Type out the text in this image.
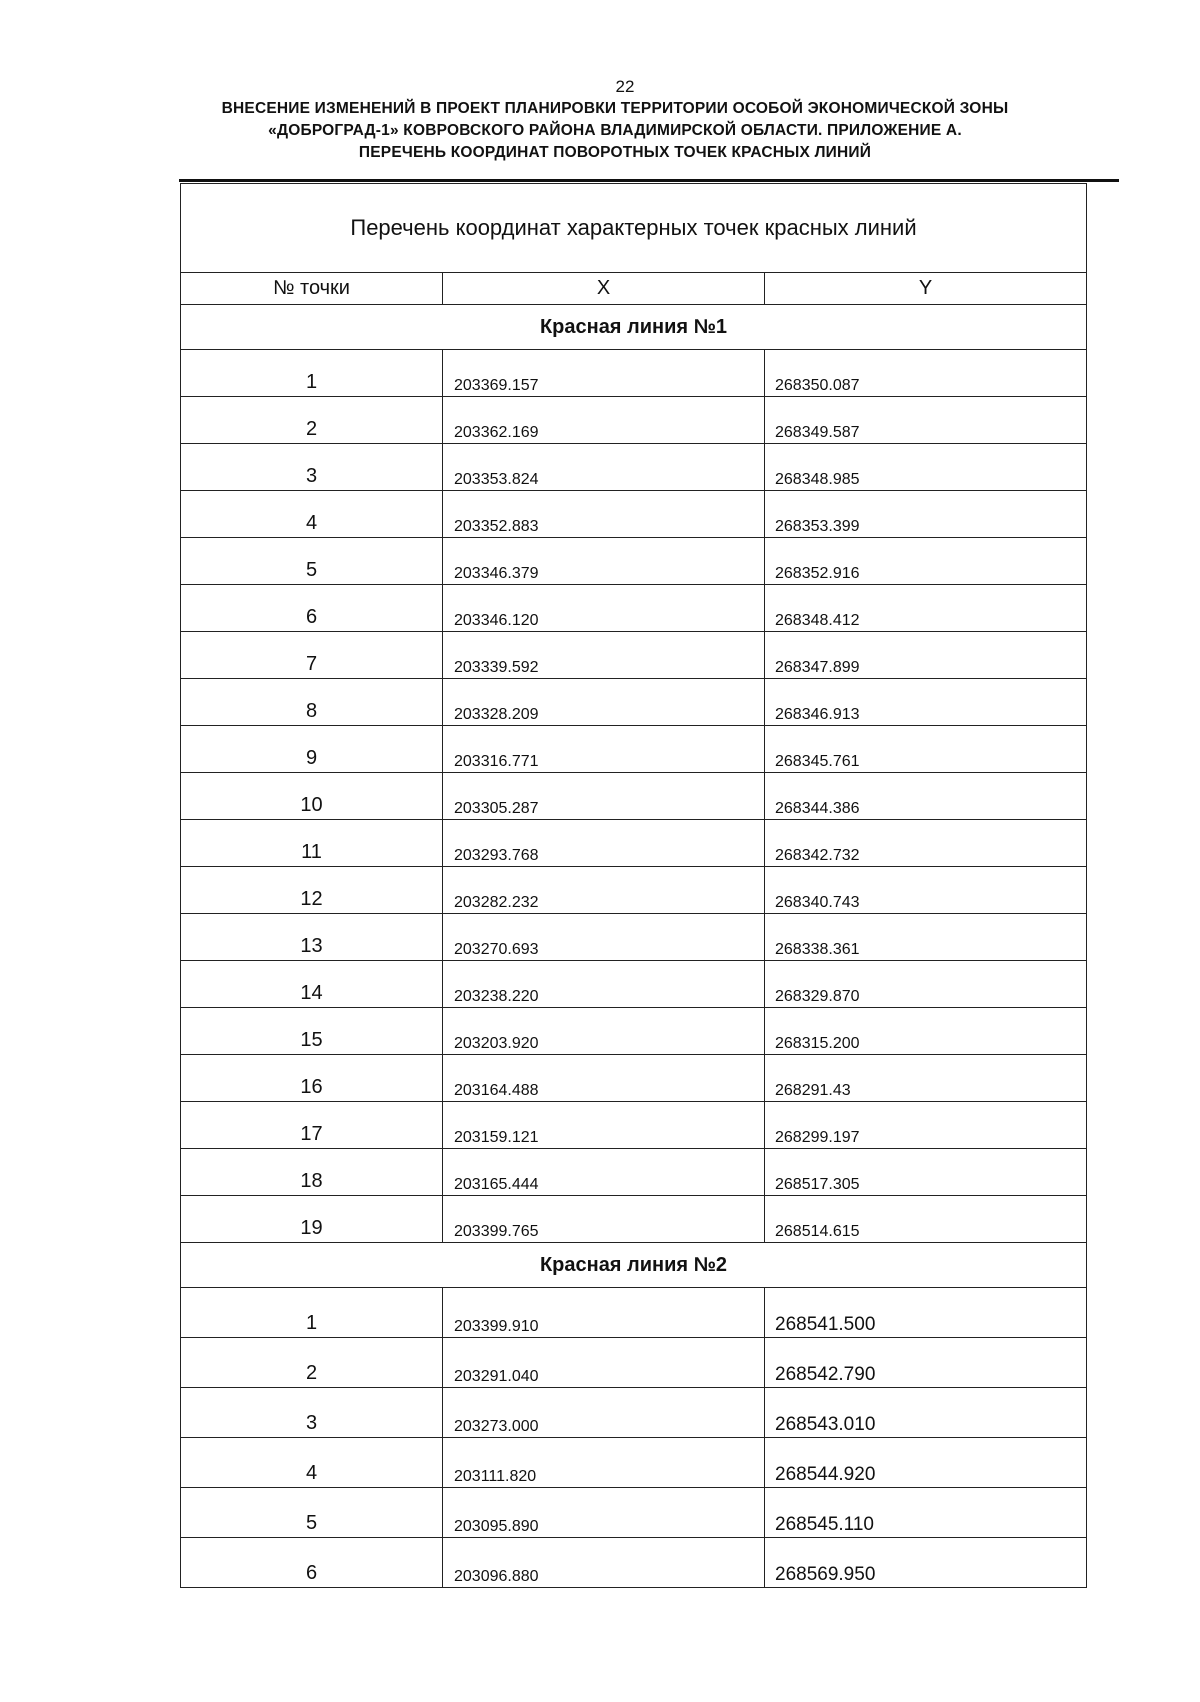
22
ВНЕСЕНИЕ ИЗМЕНЕНИЙ В ПРОЕКТ ПЛАНИРОВКИ ТЕРРИТОРИИ ОСОБОЙ ЭКОНОМИЧЕСКОЙ ЗОНЫ
«ДОБРОГРАД-1» КОВРОВСКОГО РАЙОНА ВЛАДИМИРСКОЙ ОБЛАСТИ. ПРИЛОЖЕНИЕ А.
ПЕРЕЧЕНЬ КООРДИНАТ ПОВОРОТНЫХ ТОЧЕК КРАСНЫХ ЛИНИЙ
Перечень координат характерных точек красных линий		
№ точки	X	Y
Красная линия №1		
1	203369.157	268350.087
2	203362.169	268349.587
3	203353.824	268348.985
4	203352.883	268353.399
5	203346.379	268352.916
6	203346.120	268348.412
7	203339.592	268347.899
8	203328.209	268346.913
9	203316.771	268345.761
10	203305.287	268344.386
11	203293.768	268342.732
12	203282.232	268340.743
13	203270.693	268338.361
14	203238.220	268329.870
15	203203.920	268315.200
16	203164.488	268291.43
17	203159.121	268299.197
18	203165.444	268517.305
19	203399.765	268514.615
Красная линия №2		
1	203399.910	268541.500
2	203291.040	268542.790
3	203273.000	268543.010
4	203111.820	268544.920
5	203095.890	268545.110
6	203096.880	268569.950
